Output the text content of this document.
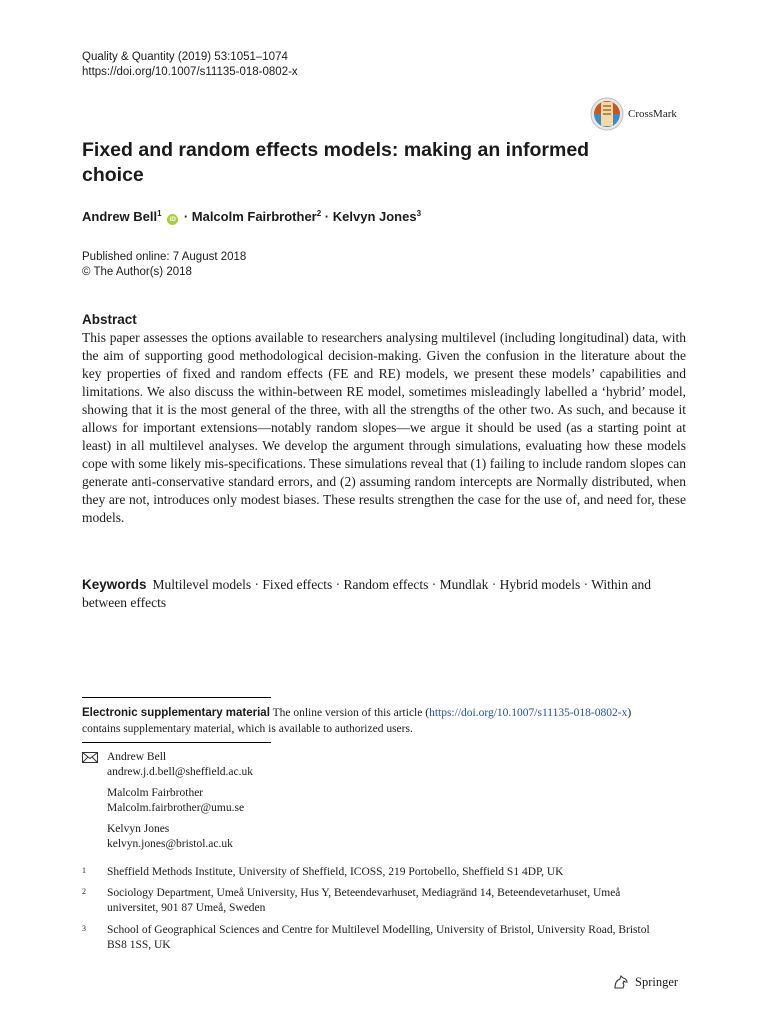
Quality & Quantity (2019) 53:1051–1074
https://doi.org/10.1007/s11135-018-0802-x
CrossMark
Fixed and random effects models: making an informed choice
Andrew Bell$^1$ iD · Malcolm Fairbrother$^2$ · Kelvyn Jones$^3$
Published online: 7 August 2018
© The Author(s) 2018
Abstract
This paper assesses the options available to researchers analysing multilevel (including longitudinal) data, with the aim of supporting good methodological decision-making. Given the confusion in the literature about the key properties of fixed and random effects (FE and RE) models, we present these models’ capabilities and limitations. We also discuss the within-between RE model, sometimes misleadingly labelled a ‘hybrid’ model, showing that it is the most general of the three, with all the strengths of the other two. As such, and because it allows for important extensions—notably random slopes—we argue it should be used (as a starting point at least) in all multilevel analyses. We develop the argument through simulations, evaluating how these models cope with some likely mis-specifications. These simulations reveal that (1) failing to include random slopes can generate anti-conservative standard errors, and (2) assuming random intercepts are Normally distributed, when they are not, introduces only modest biases. These results strengthen the case for the use of, and need for, these models.
Keywords Multilevel models · Fixed effects · Random effects · Mundlak · Hybrid models · Within and between effects
Electronic supplementary material The online version of this article (https://doi.org/10.1007/s11135-018-0802-x) contains supplementary material, which is available to authorized users.
Andrew Bell
andrew.j.d.bell@sheffield.ac.uk
Malcolm Fairbrother
Malcolm.fairbrother@umu.se
Kelvyn Jones
kelvyn.jones@bristol.ac.uk
1 Sheffield Methods Institute, University of Sheffield, ICOSS, 219 Portobello, Sheffield S1 4DP, UK
2 Sociology Department, Umeå University, Hus Y, Beteendevarhuset, Mediagränd 14, Beteendevetarhuset, Umeå universitet, 901 87 Umeå, Sweden
3 School of Geographical Sciences and Centre for Multilevel Modelling, University of Bristol, University Road, Bristol BS8 1SS, UK
Springer
